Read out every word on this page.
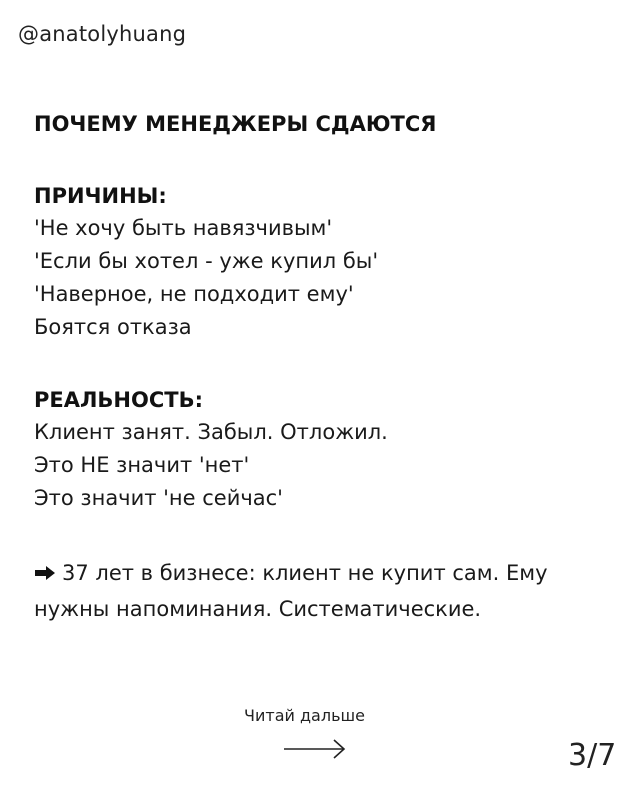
@anatolyhuang

ПОЧЕМУ МЕНЕДЖЕРЫ СДАЮТСЯ

ПРИЧИНЫ:

'Не хочу быть навязчивым'

'Если бы хотел - уже купил бы'

'Наверное, не подходит ему'

Боятся отказа

РЕАЛЬНОСТЬ:

Клиент занят. Забыл. Отложил.

Это НЕ значит 'нет'

Это значит 'не сейчас'

37 лет в бизнесе: клиент не купит сам. Ему нужны напоминания. Систематические.

Читай дальше
3/7
